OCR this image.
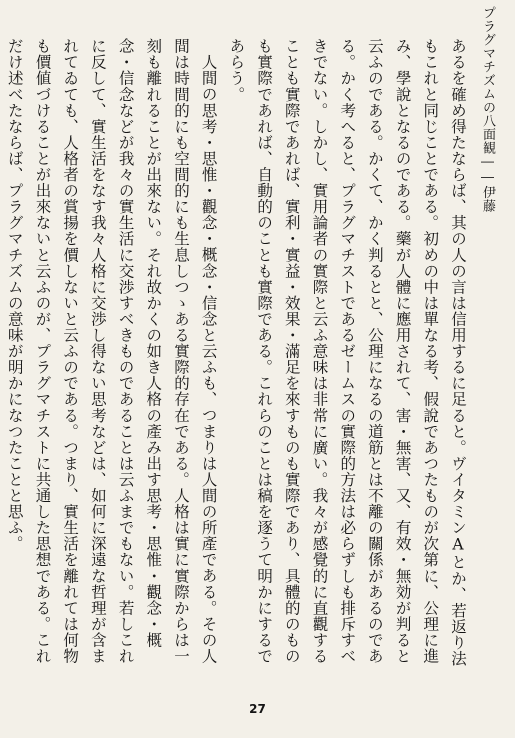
プラグマチズムの八面観――伊藤

あるを確め得たならば、其の人の言は信用するに足ると。ヴイタミンAとか、若返り法もこれと同じことである。初めの中は單なる考、假說であつたものが次第に、公理に進み、學說となるのである。藥が人體に應用されて、害・無害、又、有效・無効が判ると云ふのである。かくて、かく判るとと、公理になるの道筋とは不離の關係があるのである。かく考へると、プラグマチストであるゼームスの實際的方法は必らずしも排斥すべきでない。しかし、實用論者の實際と云ふ意味は非常に廣い。我々が感覺的に直觀することも實際であれば、實利・實益・效果・滿足を來すものも實際であり、具體的のものも實際であれば、自動的のことも實際である。これらのことは稿を逐うて明かにするであらう。

人間の思考・思惟・觀念・概念・信念と云ふも、つまりは人間の所產である。その人間は時間的にも空間的にも生息しつゝある實際的存在である。人格は實に實際からは一刻も離れることが出來ない。それ故かくの如き人格の產み出す思考・思惟・觀念・概念・信念などが我々の實生活に交渉すべきものであることは云ふまでもない。若しこれに反して、實生活をなす我々人格に交渉し得ない思考などは、如何に深遠な哲理が含まれてゐても、人格者の賞揚を價しないと云ふのである。つまり、實生活を離れては何物も價値づけることが出來ないと云ふのが、プラグマチストに共通した思想である。これだけ述べたならば、プラグマチズムの意味が明かになつたことと思ふ。

27
